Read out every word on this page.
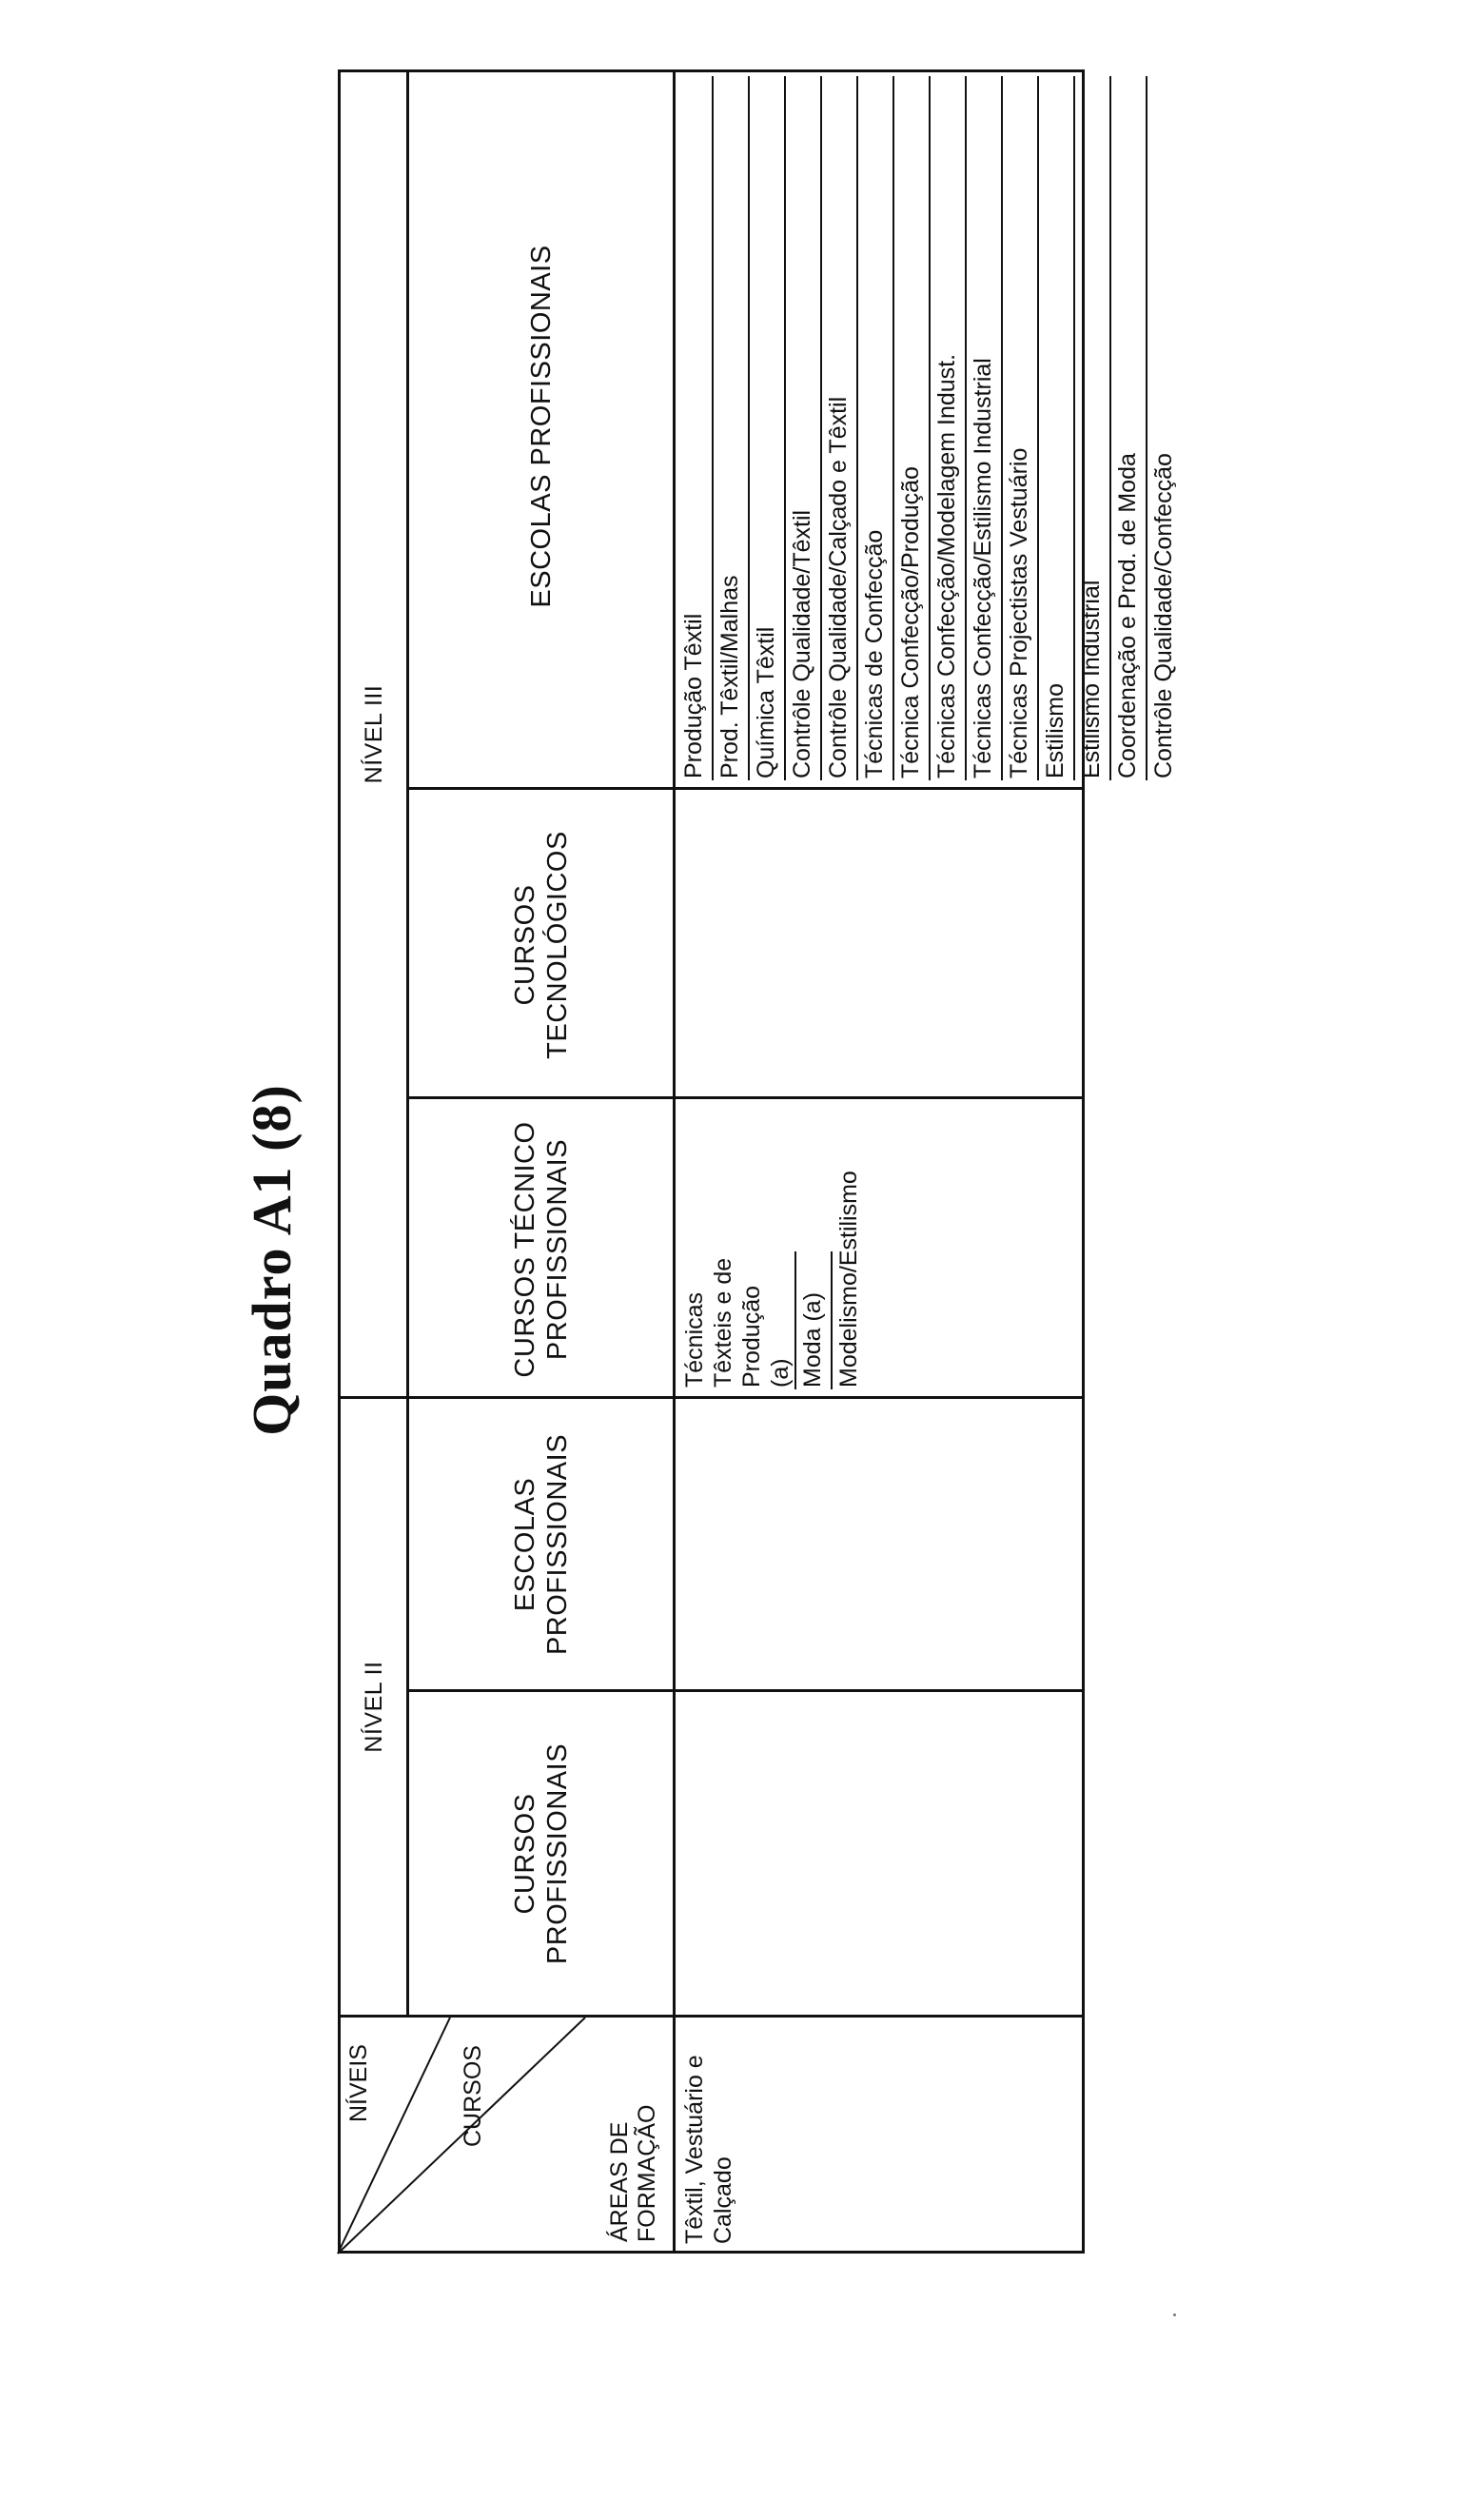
Quadro A1 (8)
NÍVEIS	CURSOS
ÁREAS DE FORMAÇÃO
NÍVEL II
NÍVEL III
CURSOS PROFISSIONAIS
ESCOLAS PROFISSIONAIS
CURSOS TÉCNICO PROFISSIONAIS
CURSOS TECNOLÓGICOS
ESCOLAS PROFISSIONAIS
Têxtil, Vestuário e Calçado
Técnicas Têxteis e de Produção (a) Moda (a) Modelismo/Estilismo
Produção Têxtil Prod. Têxtil/Malhas Química Têxtil Contrôle Qualidade/Têxtil Contrôle Qualidade/Calçado e Têxtil Técnicas de Confecção Técnica Confecção/Produção Técnicas Confecção/Modelagem Indust. Técnicas Confecção/Estilismo Industrial Técnicas Projectistas Vestuário Estilismo Estilismo Industrial Coordenação e Prod. de Moda Contrôle Qualidade/Confecção
